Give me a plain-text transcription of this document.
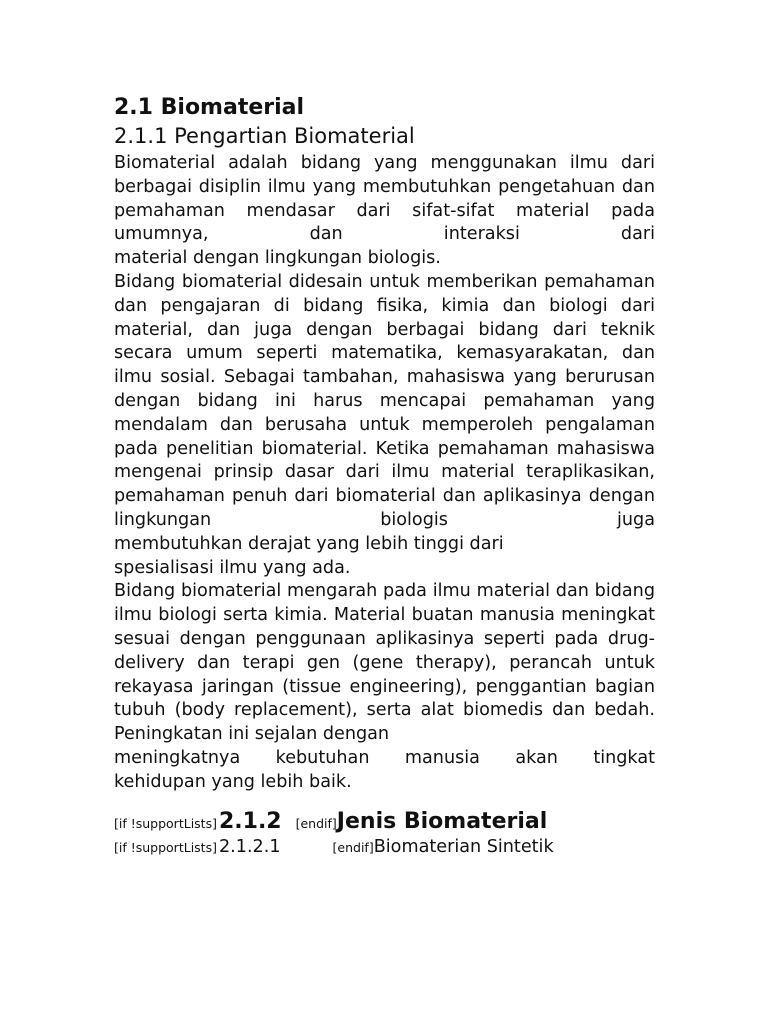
2.1 Biomaterial
2.1.1 Pengartian Biomaterial

Biomaterial adalah bidang yang menggunakan ilmu dari berbagai disiplin ilmu yang membutuhkan pengetahuan dan pemahaman mendasar dari sifat-sifat material pada umumnya, dan interaksi dari
material dengan lingkungan biologis.

Bidang biomaterial didesain untuk memberikan pemahaman dan pengajaran di bidang fisika, kimia dan biologi dari material, dan juga dengan berbagai bidang dari teknik secara umum seperti matematika, kemasyarakatan, dan ilmu sosial. Sebagai tambahan, mahasiswa yang berurusan dengan bidang ini harus mencapai pemahaman yang mendalam dan berusaha untuk memperoleh pengalaman pada penelitian biomaterial. Ketika pemahaman mahasiswa mengenai prinsip dasar dari ilmu material teraplikasikan, pemahaman penuh dari biomaterial dan aplikasinya dengan lingkungan biologis juga
membutuhkan derajat yang lebih tinggi dari
spesialisasi ilmu yang ada.

Bidang biomaterial mengarah pada ilmu material dan bidang ilmu biologi serta kimia. Material buatan manusia meningkat sesuai dengan penggunaan aplikasinya seperti pada drug-delivery dan terapi gen (gene therapy), perancah untuk rekayasa jaringan (tissue engineering), penggantian bagian tubuh (body replacement), serta alat biomedis dan bedah.
Peningkatan ini sejalan dengan
meningkatnya kebutuhan manusia akan tingkat
kehidupan yang lebih baik.

[if !supportLists] 2.1.2 [endif] Jenis Biomaterial
[if !supportLists] 2.1.2.1	[endif] Biomaterian Sintetik
